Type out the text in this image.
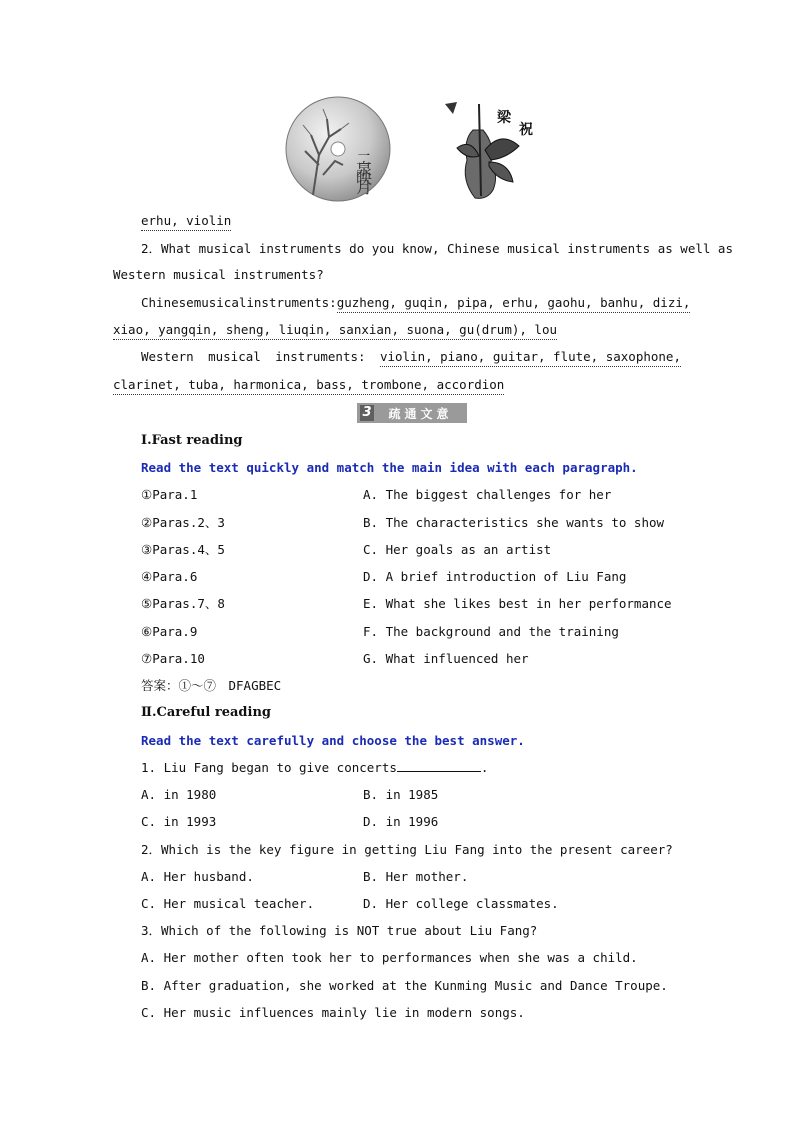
二泉映月
梁
祝
erhu, violin
2．What musical instruments do you know, Chinese musical instruments as well as
Western musical instruments?
Chinese musical instruments: guzheng, guqin, pipa, erhu, gaohu, banhu, dizi,
xiao, yangqin, sheng, liuqin, sanxian, suona, gu(drum), lou
Western musical instruments: violin, piano, guitar, flute, saxophone,
clarinet, tuba, harmonica, bass, trombone, accordion
3	疏通文意
Ⅰ.Fast reading
Read the text quickly and match the main idea with each paragraph.
①Para.1	A. The biggest challenges for her
②Paras.2、3	B. The characteristics she wants to show
③Paras.4、5	C. Her goals as an artist
④Para.6	D. A brief introduction of Liu Fang
⑤Paras.7、8	E. What she likes best in her performance
⑥Para.9	F. The background and the training
⑦Para.10	G. What influenced her
答案：①～⑦　DFAGBEC
Ⅱ.Careful reading
Read the text carefully and choose the best answer.
1. Liu Fang began to give concerts	.
A. in 1980	B. in 1985
C. in 1993	D. in 1996
2．Which is the key figure in getting Liu Fang into the present career?
A. Her husband.	B. Her mother.
C. Her musical teacher.	D. Her college classmates.
3．Which of the following is NOT true about Liu Fang?
A. Her mother often took her to performances when she was a child.
B. After graduation, she worked at the Kunming Music and Dance Troupe.
C. Her music influences mainly lie in modern songs.
